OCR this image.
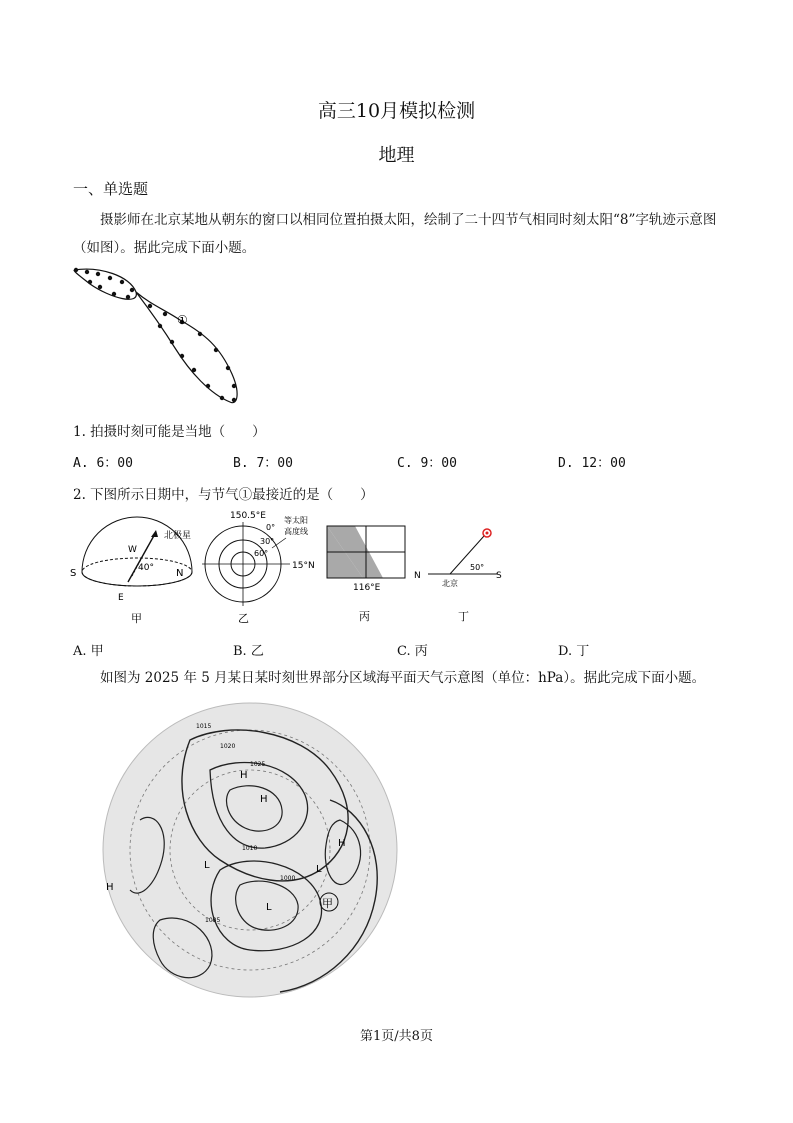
高三10月模拟检测
地理
一、单选题
摄影师在北京某地从朝东的窗口以相同位置拍摄太阳，绘制了二十四节气相同时刻太阳“8”字轨迹示意图（如图）。据此完成下面小题。
①
1. 拍摄时刻可能是当地（　　）
A. 6：00	B. 7：00	C. 9：00	D. 12：00
2. 下图所示日期中，与节气①最接近的是（　　）
S	N
W
E
北极星
40°
甲
150.5°E
15°N
等太阳
高度线
0°
30°
60°
乙
116°E
丙
N	S
北京
50°
丁
A. 甲	B. 乙	C. 丙	D. 丁
如图为 2025 年 5 月某日某时刻世界部分区域海平面天气示意图（单位：hPa）。据此完成下面小题。
H
H
H
H
L
L
L
甲
1015
1020
1025
1010
1005
1000
第1页/共8页
